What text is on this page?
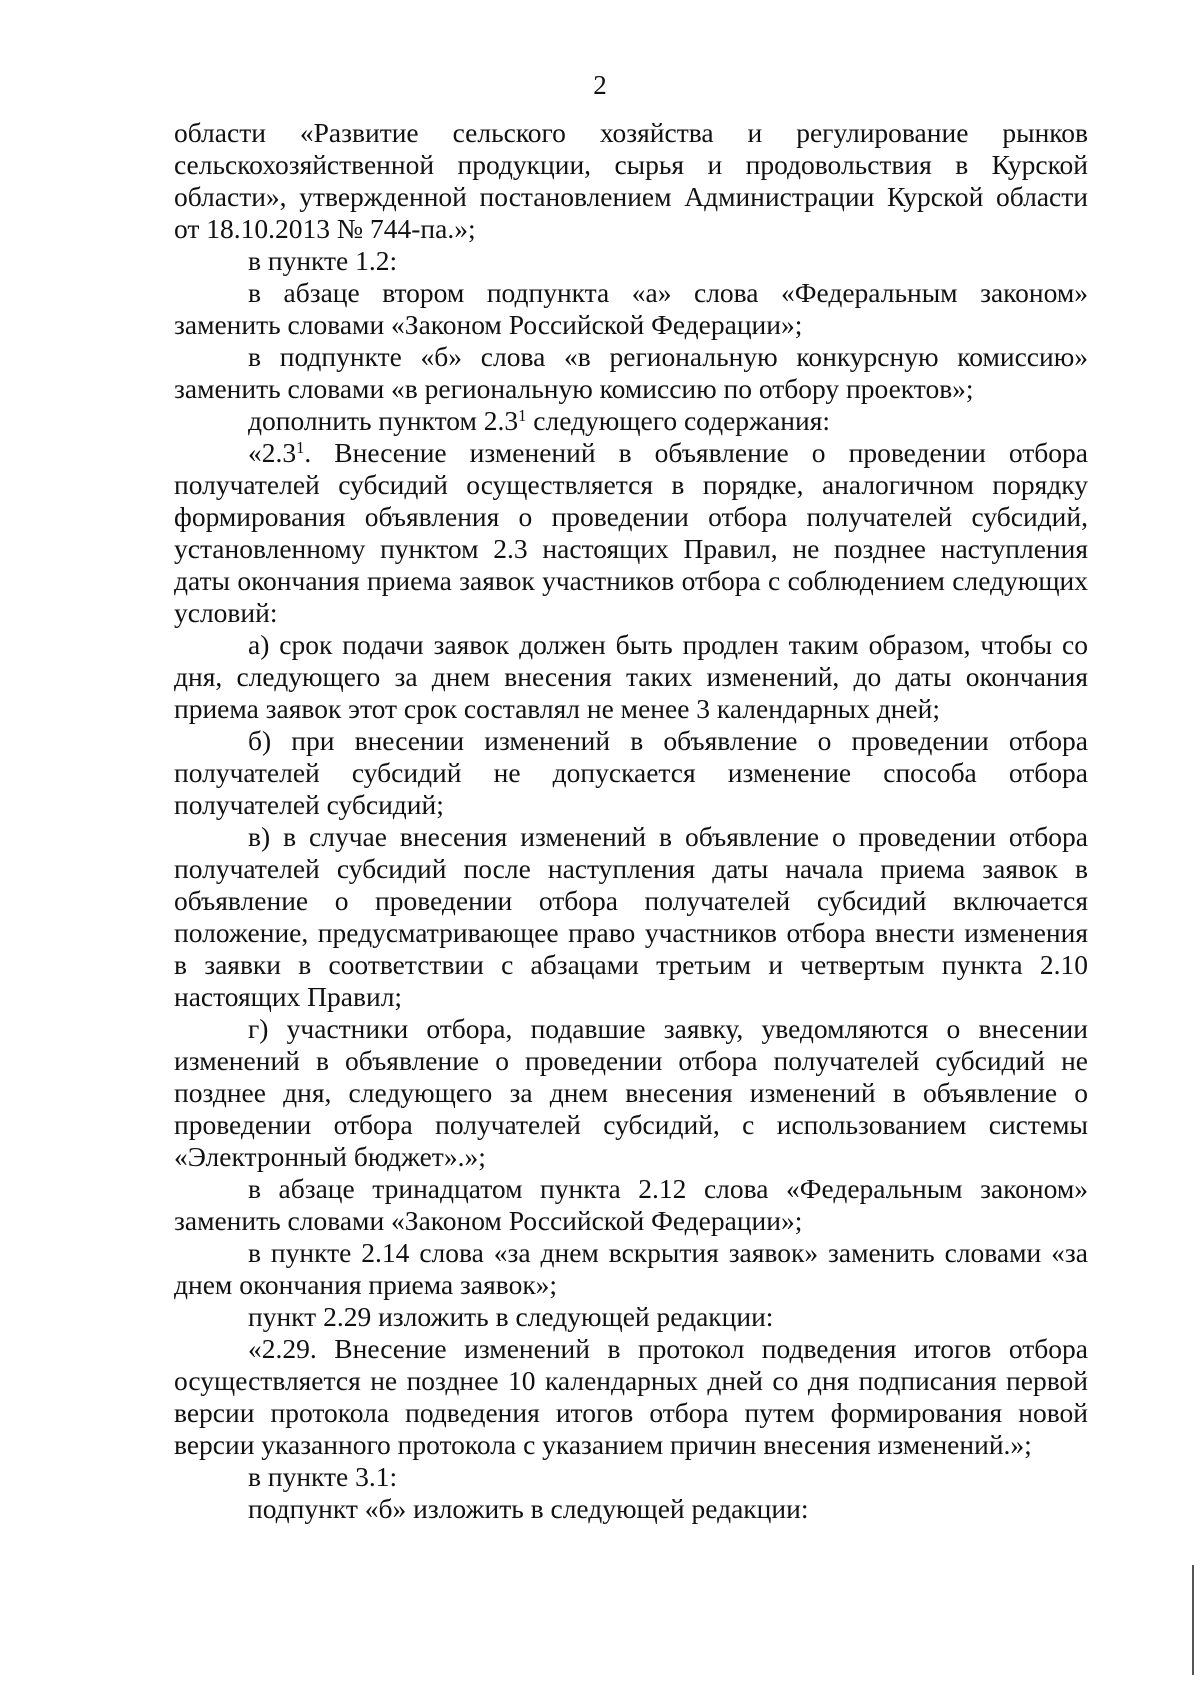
2

области «Развитие сельского хозяйства и регулирование рынков сельскохозяйственной продукции, сырья и продовольствия в Курской области», утвержденной постановлением Администрации Курской области от 18.10.2013 № 744-па.»;

в пункте 1.2:

в абзаце втором подпункта «а» слова «Федеральным законом» заменить словами «Законом Российской Федерации»;

в подпункте «б» слова «в региональную конкурсную комиссию» заменить словами «в региональную комиссию по отбору проектов»;

дополнить пунктом $2.3^1$ следующего содержания:

«$2.3^1$. Внесение изменений в объявление о проведении отбора получателей субсидий осуществляется в порядке, аналогичном порядку формирования объявления о проведении отбора получателей субсидий, установленному пунктом 2.3 настоящих Правил, не позднее наступления даты окончания приема заявок участников отбора с соблюдением следующих условий:

а) срок подачи заявок должен быть продлен таким образом, чтобы со дня, следующего за днем внесения таких изменений, до даты окончания приема заявок этот срок составлял не менее 3 календарных дней;

б) при внесении изменений в объявление о проведении отбора получателей субсидий не допускается изменение способа отбора получателей субсидий;

в) в случае внесения изменений в объявление о проведении отбора получателей субсидий после наступления даты начала приема заявок в объявление о проведении отбора получателей субсидий включается положение, предусматривающее право участников отбора внести изменения в заявки в соответствии с абзацами третьим и четвертым пункта 2.10 настоящих Правил;

г) участники отбора, подавшие заявку, уведомляются о внесении изменений в объявление о проведении отбора получателей субсидий не позднее дня, следующего за днем внесения изменений в объявление о проведении отбора получателей субсидий, с использованием системы «Электронный бюджет».»;

в абзаце тринадцатом пункта 2.12 слова «Федеральным законом» заменить словами «Законом Российской Федерации»;

в пункте 2.14 слова «за днем вскрытия заявок» заменить словами «за днем окончания приема заявок»;

пункт 2.29 изложить в следующей редакции:

«2.29. Внесение изменений в протокол подведения итогов отбора осуществляется не позднее 10 календарных дней со дня подписания первой версии протокола подведения итогов отбора путем формирования новой версии указанного протокола с указанием причин внесения изменений.»;

в пункте 3.1:

подпункт «б» изложить в следующей редакции:
